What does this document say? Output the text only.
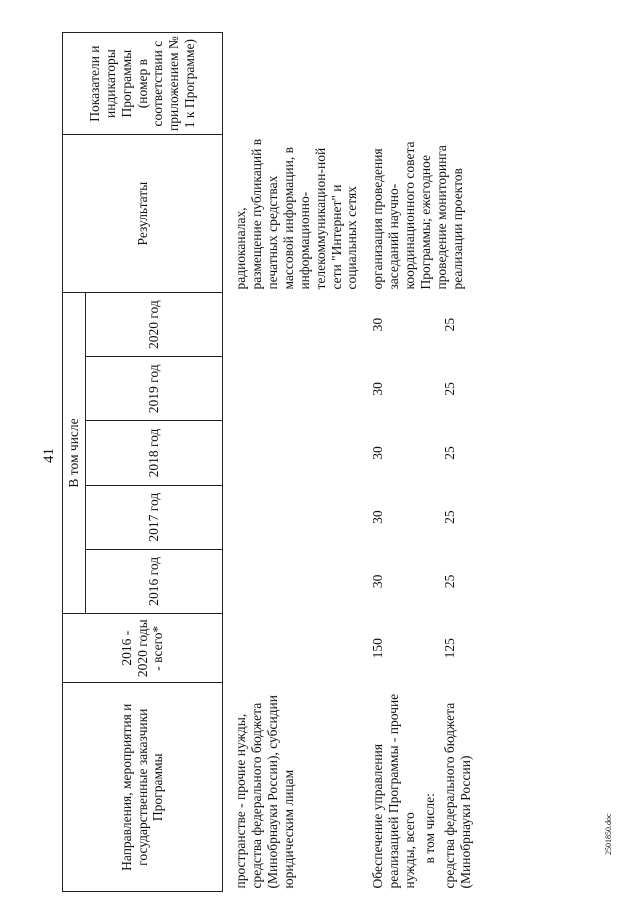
41
2501850.doc
Направления, мероприятия и государственные заказчики Программы	2016 - 2020 годы - всего*	В том числе					Результаты	Показатели и индикаторы Программы (номер в соответствии с приложением № 1 к Программе)
		2016 год	2017 год	2018 год	2019 год	2020 год		

пространстве - прочие нужды, средства федерального бюджета (Минобрнауки России), субсидии юридическим лицам							радиоканалах, размещение публикаций в печатных средствах массовой информации, в информационно-телекоммуникацион-ной сети "Интернет" и социальных сетях	

Обеспечение управления реализацией Программы - прочие нужды, всего	150	30	30	30	30	30	организация проведения заседаний научно-координационного совета Программы; ежегодное проведение мониторинга реализации проектов	
в том числе:								
средства федерального бюджета (Минобрнауки России)	125	25	25	25	25	25		
